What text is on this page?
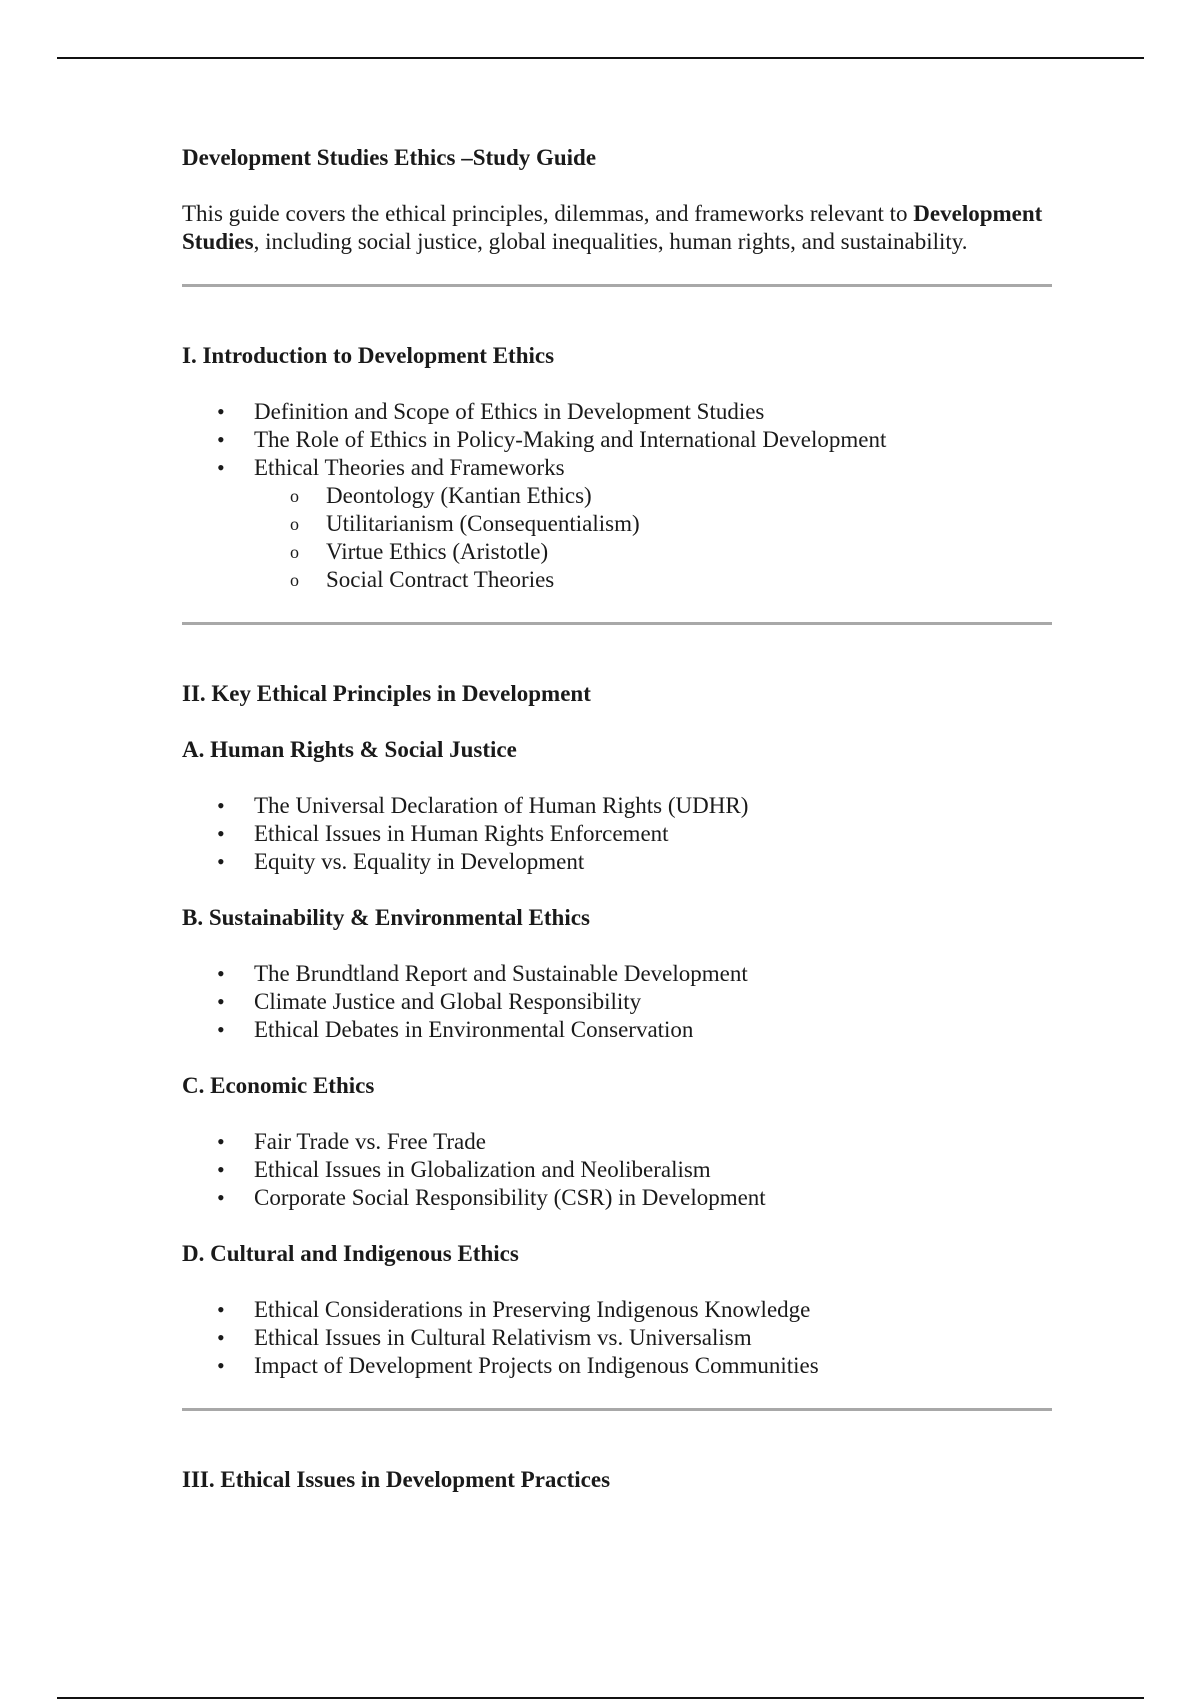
Development Studies Ethics –Study Guide

This guide covers the ethical principles, dilemmas, and frameworks relevant to Development Studies, including social justice, global inequalities, human rights, and sustainability.

I. Introduction to Development Ethics
• Definition and Scope of Ethics in Development Studies
• The Role of Ethics in Policy-Making and International Development
• Ethical Theories and Frameworks
o Deontology (Kantian Ethics)
o Utilitarianism (Consequentialism)
o Virtue Ethics (Aristotle)
o Social Contract Theories
II. Key Ethical Principles in Development
A. Human Rights & Social Justice
• The Universal Declaration of Human Rights (UDHR)
• Ethical Issues in Human Rights Enforcement
• Equity vs. Equality in Development
B. Sustainability & Environmental Ethics
• The Brundtland Report and Sustainable Development
• Climate Justice and Global Responsibility
• Ethical Debates in Environmental Conservation
C. Economic Ethics
• Fair Trade vs. Free Trade
• Ethical Issues in Globalization and Neoliberalism
• Corporate Social Responsibility (CSR) in Development
D. Cultural and Indigenous Ethics
• Ethical Considerations in Preserving Indigenous Knowledge
• Ethical Issues in Cultural Relativism vs. Universalism
• Impact of Development Projects on Indigenous Communities
III. Ethical Issues in Development Practices
